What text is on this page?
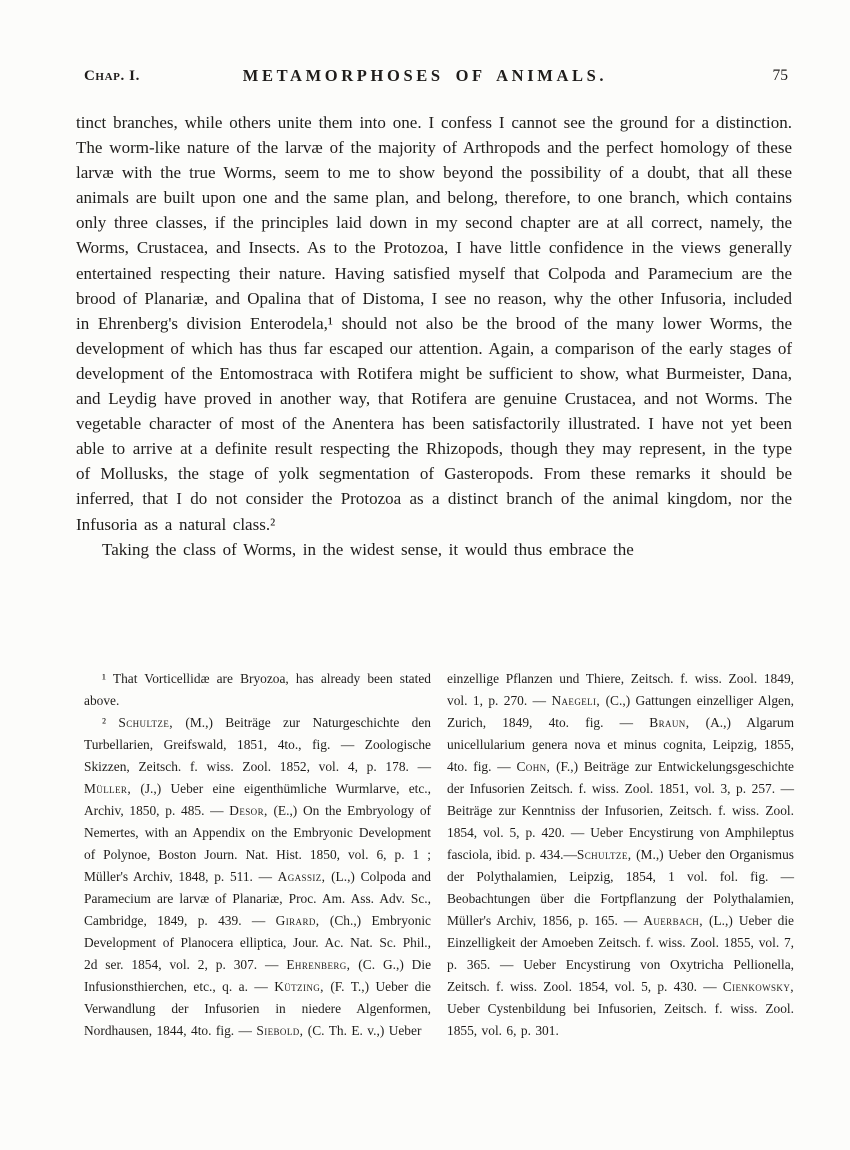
Chap. I.	METAMORPHOSES OF ANIMALS.	75

tinct branches, while others unite them into one. I confess I cannot see the ground for a distinction. The worm-like nature of the larvæ of the majority of Arthropods and the perfect homology of these larvæ with the true Worms, seem to me to show beyond the possibility of a doubt, that all these animals are built upon one and the same plan, and belong, therefore, to one branch, which contains only three classes, if the principles laid down in my second chapter are at all correct, namely, the Worms, Crustacea, and Insects. As to the Protozoa, I have little confidence in the views generally entertained respecting their nature. Having satisfied myself that Colpoda and Paramecium are the brood of Planariæ, and Opalina that of Distoma, I see no reason, why the other Infusoria, included in Ehrenberg's division Enterodela,¹ should not also be the brood of the many lower Worms, the development of which has thus far escaped our attention. Again, a comparison of the early stages of development of the Entomostraca with Rotifera might be sufficient to show, what Burmeister, Dana, and Leydig have proved in another way, that Rotifera are genuine Crustacea, and not Worms. The vegetable character of most of the Anentera has been satisfactorily illustrated. I have not yet been able to arrive at a definite result respecting the Rhizopods, though they may represent, in the type of Mollusks, the stage of yolk segmentation of Gasteropods. From these remarks it should be inferred, that I do not consider the Protozoa as a distinct branch of the animal kingdom, nor the Infusoria as a natural class.²

Taking the class of Worms, in the widest sense, it would thus embrace the

¹ That Vorticellidæ are Bryozoa, has already been stated above.

² Schultze, (M.,) Beiträge zur Naturgeschichte den Turbellarien, Greifswald, 1851, 4to., fig. — Zoologische Skizzen, Zeitsch. f. wiss. Zool. 1852, vol. 4, p. 178. — Müller, (J.,) Ueber eine eigenthümliche Wurmlarve, etc., Archiv, 1850, p. 485. — Desor, (E.,) On the Embryology of Nemertes, with an Appendix on the Embryonic Development of Polynoe, Boston Journ. Nat. Hist. 1850, vol. 6, p. 1 ; Müller's Archiv, 1848, p. 511. — Agassiz, (L.,) Colpoda and Paramecium are larvæ of Planariæ, Proc. Am. Ass. Adv. Sc., Cambridge, 1849, p. 439. — Girard, (Ch.,) Embryonic Development of Planocera elliptica, Jour. Ac. Nat. Sc. Phil., 2d ser. 1854, vol. 2, p. 307. — Ehrenberg, (C. G.,) Die Infusionsthierchen, etc., q. a. — Kützing, (F. T.,) Ueber die Verwandlung der Infusorien in niedere Algenformen, Nordhausen, 1844, 4to. fig. — Siebold, (C. Th. E. v.,) Ueber

einzellige Pflanzen und Thiere, Zeitsch. f. wiss. Zool. 1849, vol. 1, p. 270. — Naegeli, (C.,) Gattungen einzelliger Algen, Zurich, 1849, 4to. fig. — Braun, (A.,) Algarum unicellularium genera nova et minus cognita, Leipzig, 1855, 4to. fig. — Cohn, (F.,) Beiträge zur Entwickelungsgeschichte der Infusorien Zeitsch. f. wiss. Zool. 1851, vol. 3, p. 257. — Beiträge zur Kenntniss der Infusorien, Zeitsch. f. wiss. Zool. 1854, vol. 5, p. 420. — Ueber Encystirung von Amphileptus fasciola, ibid. p. 434.—Schultze, (M.,) Ueber den Organismus der Polythalamien, Leipzig, 1854, 1 vol. fol. fig. — Beobachtungen über die Fortpflanzung der Polythalamien, Müller's Archiv, 1856, p. 165. — Auerbach, (L.,) Ueber die Einzelligkeit der Amoeben Zeitsch. f. wiss. Zool. 1855, vol. 7, p. 365. — Ueber Encystirung von Oxytricha Pellionella, Zeitsch. f. wiss. Zool. 1854, vol. 5, p. 430. — Cienkowsky, Ueber Cystenbildung bei Infusorien, Zeitsch. f. wiss. Zool. 1855, vol. 6, p. 301.
